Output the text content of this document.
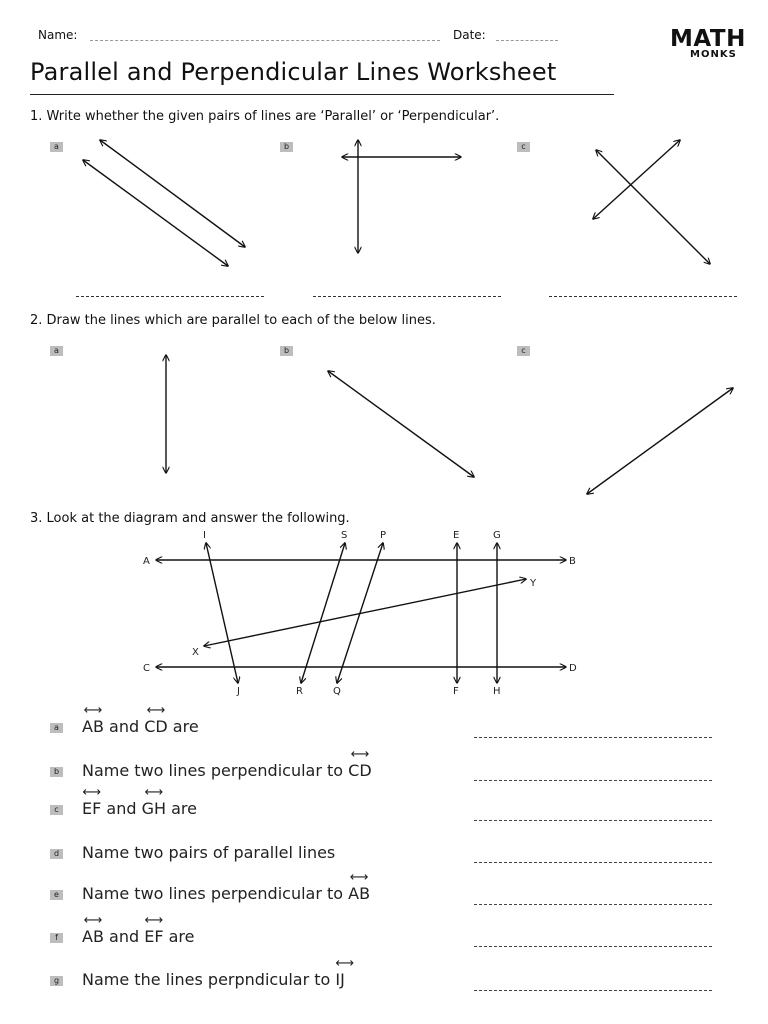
Name:	Date:	MATH
MONKS
Parallel and Perpendicular Lines Worksheet
1. Write whether the given pairs of lines are ‘Parallel’ or ‘Perpendicular’.
a	b	c
2. Draw the lines which are parallel to each of the below lines.
a	b	c
3. Look at the diagram and answer the following.
A	B
C	D
I
J
S
R
P
Q
E
F
G
H
X
Y
a ⟷ AB and ⟷ CD are
b Name two lines perpendicular to ⟷ CD
c ⟷ EF and ⟷ GH are
d Name two pairs of parallel lines
e Name two lines perpendicular to ⟷ AB
f	⟷ AB and ⟷ EF are
g Name the lines perpndicular to ⟷ IJ
